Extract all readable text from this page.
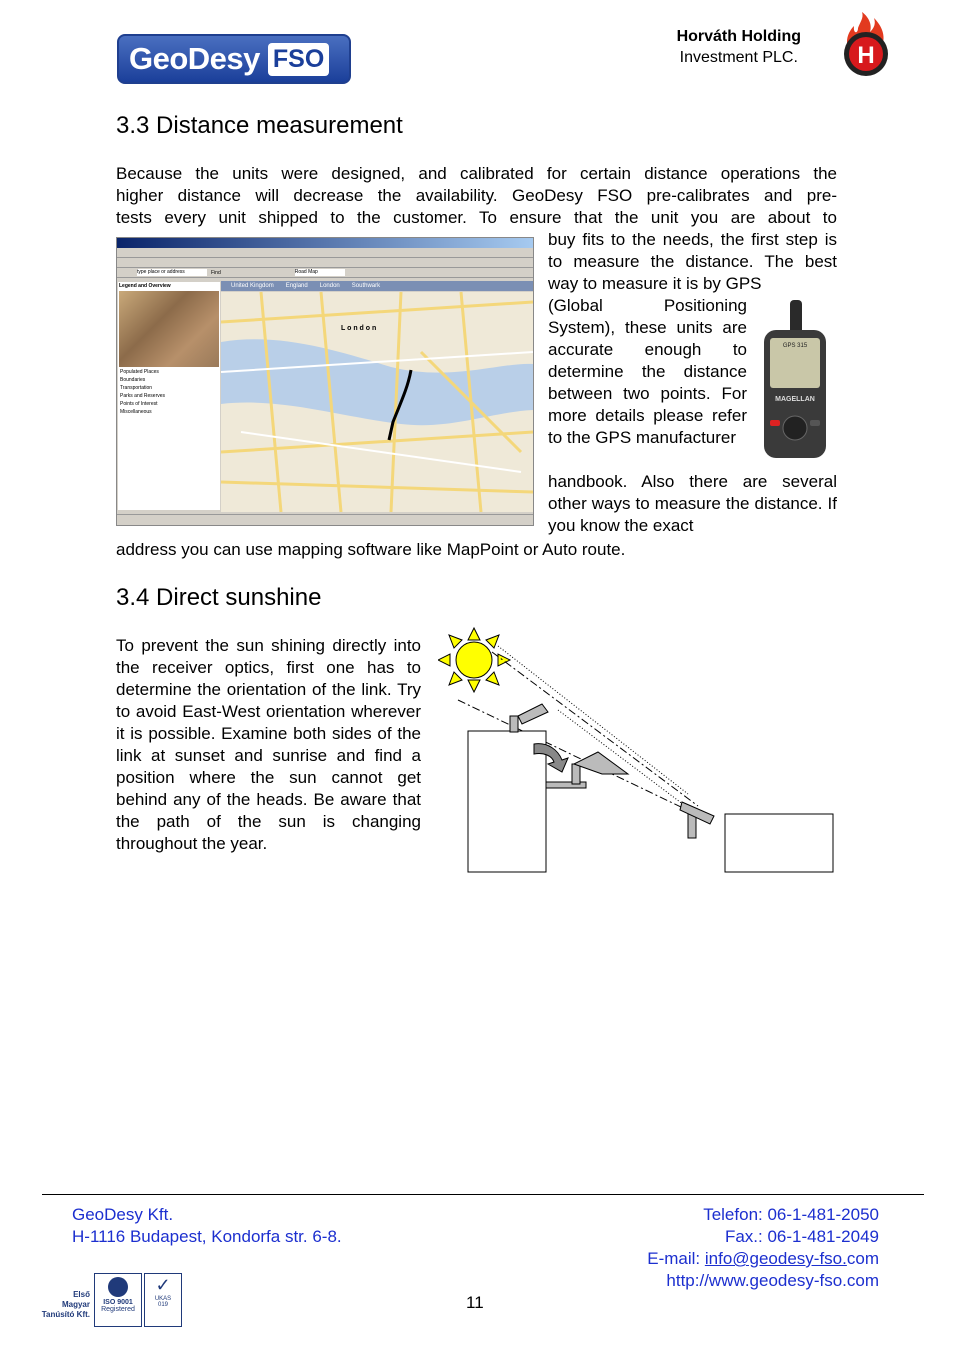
GeoDesy FSO
Horváth Holding
Investment PLC. H
3.3 Distance measurement
Because the units were designed, and calibrated for certain distance operations the
higher distance will decrease the availability. GeoDesy FSO pre-calibrates and pre-
tests every unit shipped to the customer. To ensure that the unit you are about to
buy fits to the needs, the first step is to measure the distance. The best way to measure it is by GPS
(Global Positioning System), these units are accurate enough to determine the distance between two points. For more details please refer to the GPS manufacturer
handbook. Also there are several other ways to measure the distance. If you know the exact
address you can use mapping software like MapPoint or Auto route.
type place or address	Find	Road Map
United Kingdom England London Southwark
Legend and Overview
Populated Places
Boundaries
Transportation
Parks and Reserves
Points of Interest
Miscellaneous
L o n d o n
GPS 315
MAGELLAN
3.4 Direct sunshine
To prevent the sun shining directly into the receiver optics, first one has to determine the orientation of the link. Try to avoid East-West orientation wherever it is possible. Examine both sides of the link at sunset and sunrise and find a position where the sun cannot get behind any of the heads. Be aware that the path of the sun is changing throughout the year.
GeoDesy Kft.
H-1116 Budapest, Kondorfa str. 6-8.
Telefon: 06-1-481-2050
Fax.: 06-1-481-2049
E-mail: info@geodesy-fso.com
http://www.geodesy-fso.com
11
Első
Magyar
Tanúsító Kft.
ISO 9001
Registered
✓
UKAS
019
